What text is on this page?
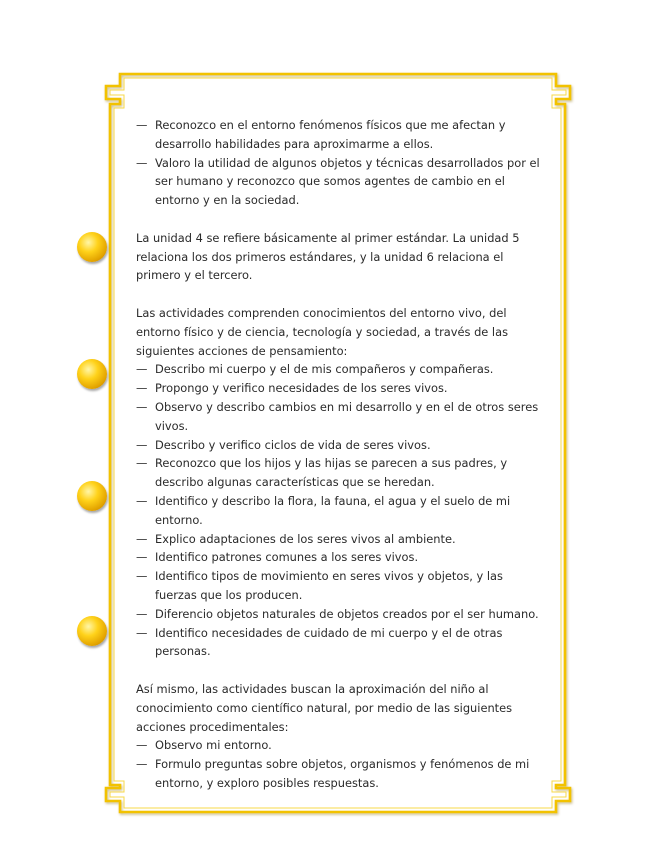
— Reconozco en el entorno fenómenos físicos que me afectan y desarrollo habilidades para aproximarme a ellos.

— Valoro la utilidad de algunos objetos y técnicas desarrollados por el ser humano y reconozco que somos agentes de cambio en el entorno y en la sociedad.

La unidad 4 se refiere básicamente al primer estándar. La unidad 5 relaciona los dos primeros estándares, y la unidad 6 relaciona el primero y el tercero.

Las actividades comprenden conocimientos del entorno vivo, del entorno físico y de ciencia, tecnología y sociedad, a través de las siguientes acciones de pensamiento:

— Describo mi cuerpo y el de mis compañeros y compañeras.

— Propongo y verifico necesidades de los seres vivos.

— Observo y describo cambios en mi desarrollo y en el de otros seres vivos.

— Describo y verifico ciclos de vida de seres vivos.

— Reconozco que los hijos y las hijas se parecen a sus padres, y describo algunas características que se heredan.

— Identifico y describo la flora, la fauna, el agua y el suelo de mi entorno.

— Explico adaptaciones de los seres vivos al ambiente.

— Identifico patrones comunes a los seres vivos.

— Identifico tipos de movimiento en seres vivos y objetos, y las fuerzas que los producen.

— Diferencio objetos naturales de objetos creados por el ser humano.

— Identifico necesidades de cuidado de mi cuerpo y el de otras personas.

Así mismo, las actividades buscan la aproximación del niño al conocimiento como científico natural, por medio de las siguientes acciones procedimentales:

— Observo mi entorno.

— Formulo preguntas sobre objetos, organismos y fenómenos de mi entorno, y exploro posibles respuestas.
